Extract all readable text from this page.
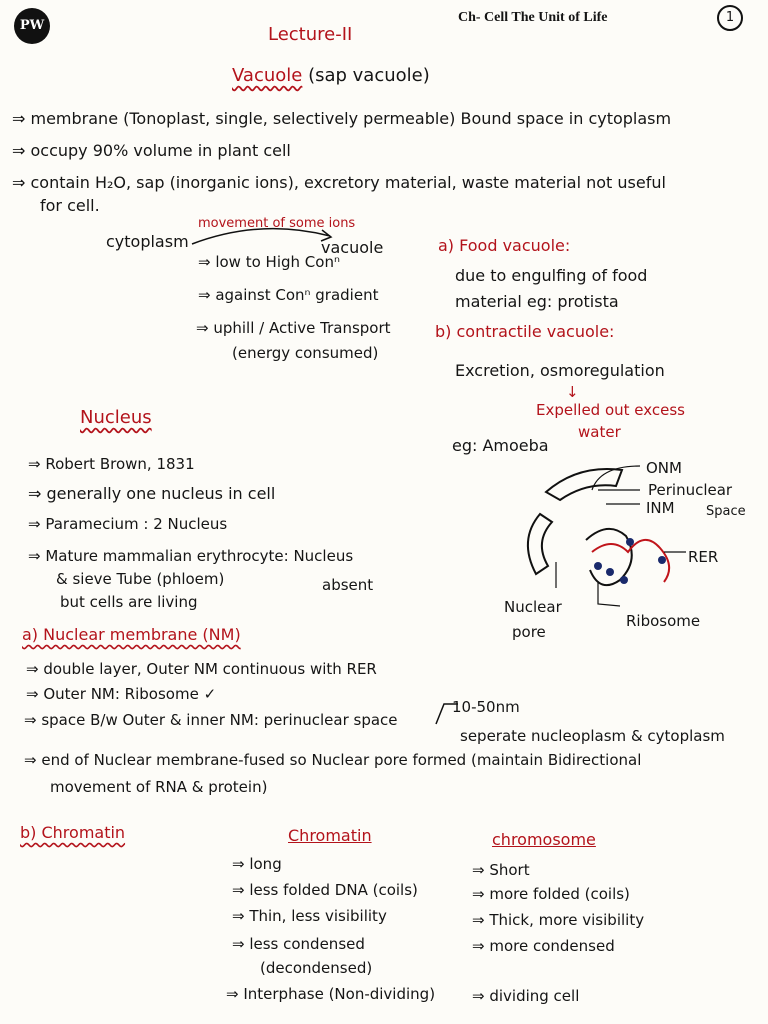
PW
Ch- Cell The Unit of Life	1
Lecture-II
Vacuole (sap vacuole)
⇒ membrane (Tonoplast, single, selectively permeable) Bound space in cytoplasm
⇒ occupy 90% volume in plant cell
⇒ contain H₂O, sap (inorganic ions), excretory material, waste material not useful
for cell.
movement of some ions
cytoplasm	vacuole
⇒ low to High Conⁿ
⇒ against Conⁿ gradient
⇒ uphill / Active Transport
(energy consumed)
a) Food vacuole:
due to engulfing of food
material eg: protista
b) contractile vacuole:
Excretion, osmoregulation
↓
Expelled out excess
water
eg: Amoeba
Nucleus
⇒ Robert Brown, 1831
⇒ generally one nucleus in cell
⇒ Paramecium : 2 Nucleus
⇒ Mature mammalian erythrocyte: Nucleus
& sieve Tube (phloem)	absent
but cells are living
ONM
Perinuclear
INM Space
RER
Nuclear
pore
Ribosome
a) Nuclear membrane (NM)
⇒ double layer, Outer NM continuous with RER
⇒ Outer NM: Ribosome ✓
⇒ space B/w Outer & inner NM: perinuclear space
10-50nm
seperate nucleoplasm & cytoplasm
⇒ end of Nuclear membrane-fused so Nuclear pore formed (maintain Bidirectional
movement of RNA & protein)
b) Chromatin	Chromatin
⇒ long
⇒ less folded DNA (coils)
⇒ Thin, less visibility
⇒ less condensed
(decondensed)
⇒ Interphase (Non-dividing)
chromosome
⇒ Short
⇒ more folded (coils)
⇒ Thick, more visibility
⇒ more condensed
⇒ dividing cell
